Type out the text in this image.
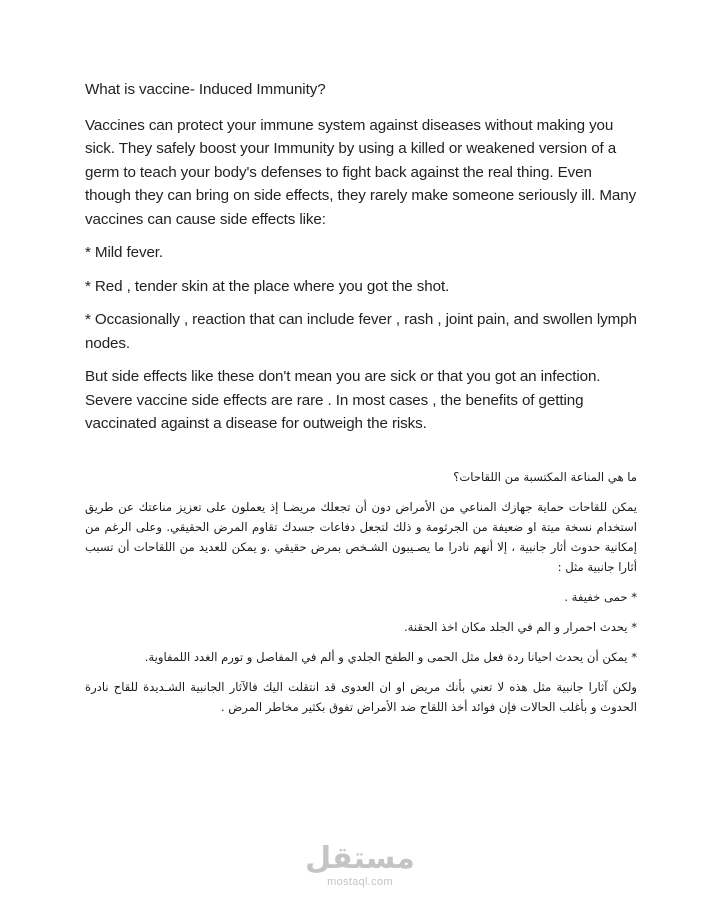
What is vaccine- Induced Immunity?

Vaccines can protect your immune system against diseases without making you sick. They safely boost your Immunity by using a killed or weakened version of a germ to teach your body's defenses to fight back against the real thing. Even though they can bring on side effects, they rarely make someone seriously ill. Many vaccines can cause side effects like:

* Mild fever.

* Red , tender skin at the place where you got the shot.

* Occasionally , reaction that can include fever , rash , joint pain, and swollen lymph nodes.

But side effects like these don't mean you are sick or that you got an infection. Severe vaccine side effects are rare . In most cases , the benefits of getting vaccinated against a disease for outweigh the risks.

ما هي المناعة المكتسبة من اللقاحات؟

يمكن للقاحات حماية جهازك المناعي من الأمراض دون أن تجعلك مريضـا إذ يعملون على تعزيز مناعتك عن طريق استخدام نسخة ميتة او ضعيفة من الجرثومة و ذلك لتجعل دفاعات جسدك تقاوم المرض الحقيقي. وعلى الرغم من إمكانية حدوث أثار جانبية ، إلا أنهم نادرا ما يصـيبون الشـخص بمرض حقيقي .و يمكن للعديد من اللقاحات أن تسبب أثارا جانبية مثل :

* حمى خفيفة .

* يحدث احمرار و الم في الجلد مكان اخذ الحقنة.

* يمكن أن يحدث احيانا ردة فعل مثل الحمى و الطفح الجلدي و ألم في المفاصل و تورم الغدد اللمفاوية.

ولكن آثارا جانبية مثل هذه لا تعني بأنك مريض او ان العدوى قد انتقلت اليك فالآثار الجانبية الشـديدة للقاح نادرة الحدوث و بأغلب الحالات فإن فوائد أخذ اللقاح ضد الأمراض تفوق بكثير مخاطر المرض .

مستقل
mostaql.com
